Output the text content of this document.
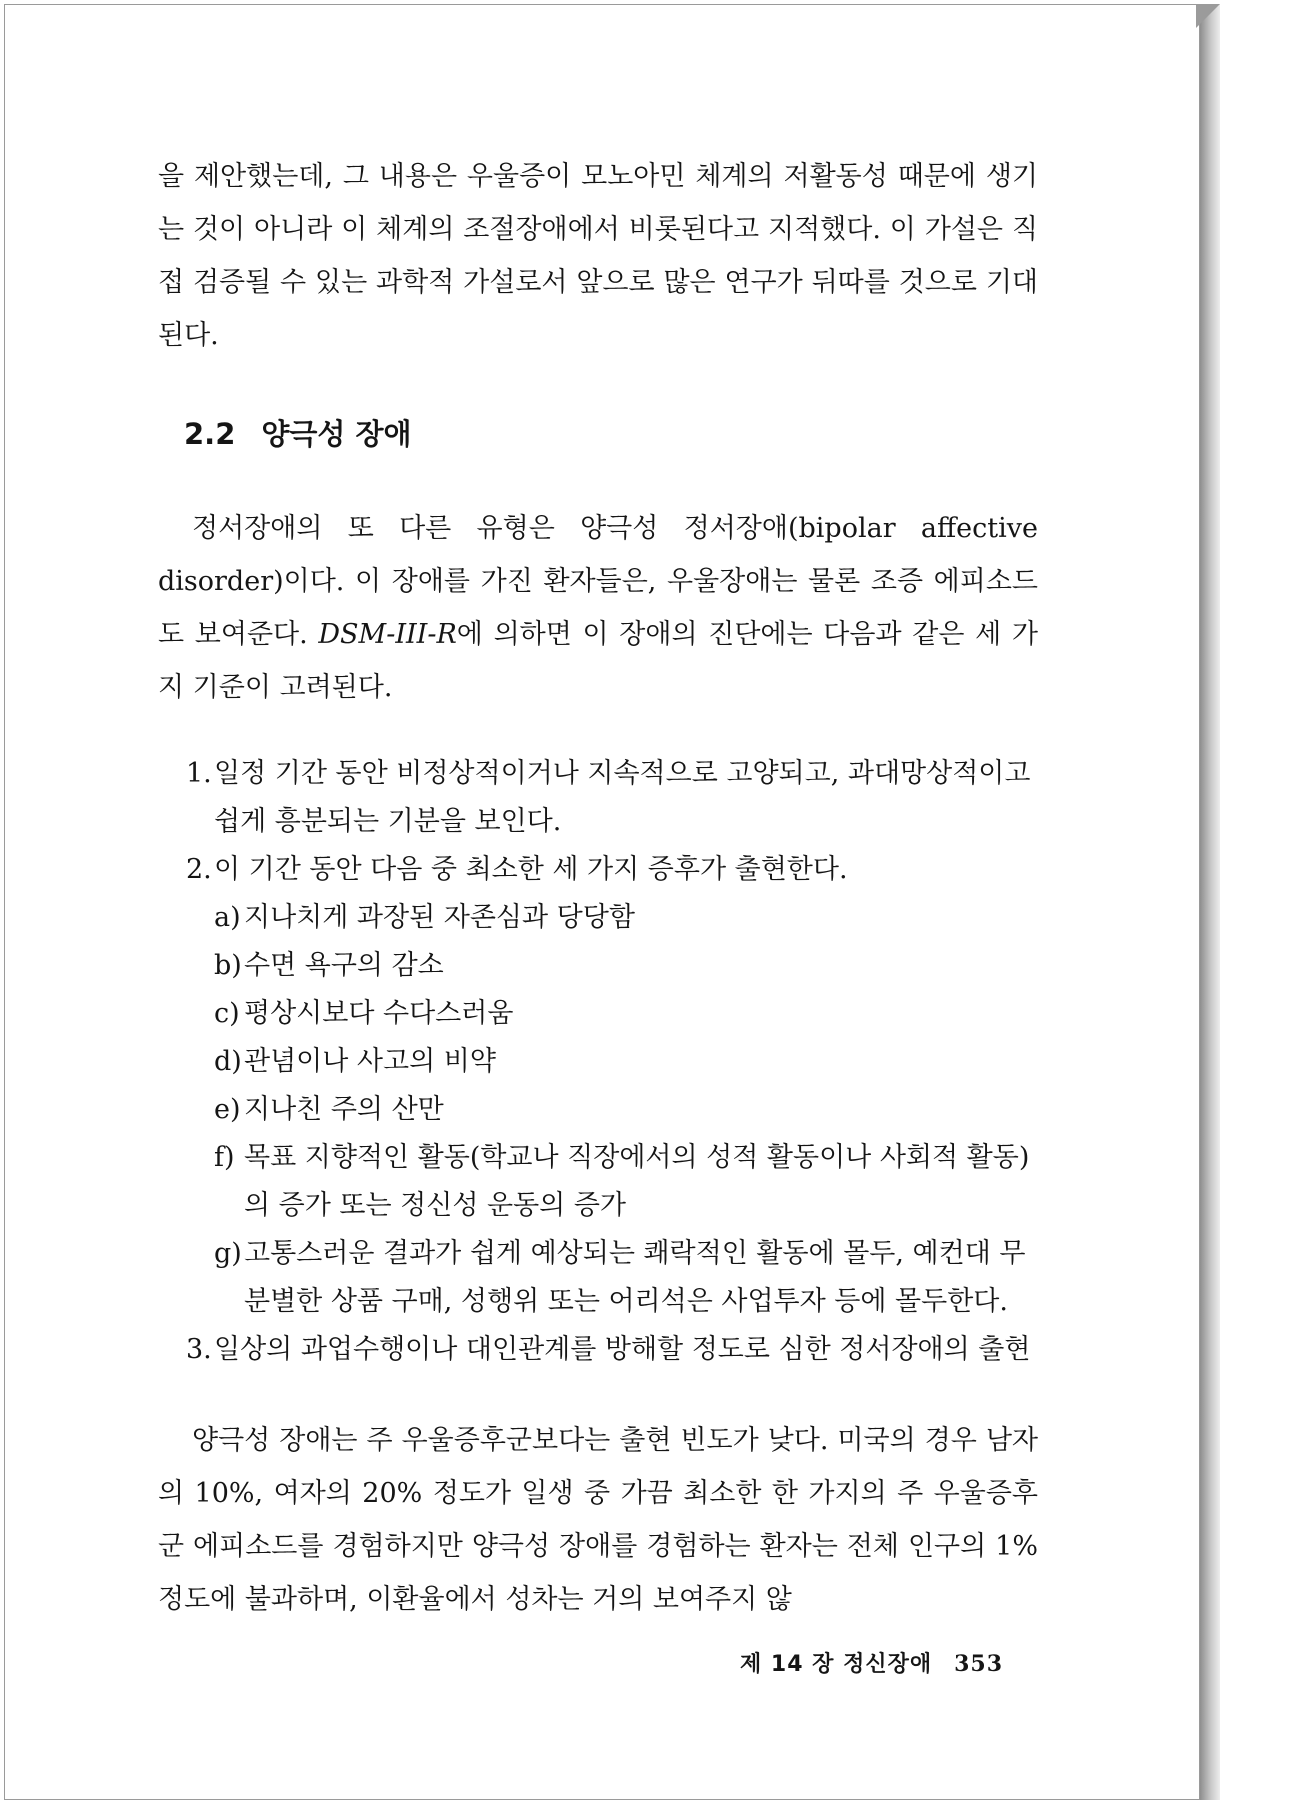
을 제안했는데, 그 내용은 우울증이 모노아민 체계의 저활동성 때문에 생기는 것이 아니라 이 체계의 조절장애에서 비롯된다고 지적했다. 이 가설은 직접 검증될 수 있는 과학적 가설로서 앞으로 많은 연구가 뒤따를 것으로 기대된다.

2.2 양극성 장애

정서장애의 또 다른 유형은 양극성 정서장애(bipolar affective disorder)이다. 이 장애를 가진 환자들은, 우울장애는 물론 조증 에피소드도 보여준다. DSM-III-R에 의하면 이 장애의 진단에는 다음과 같은 세 가지 기준이 고려된다.

1.일정 기간 동안 비정상적이거나 지속적으로 고양되고, 과대망상적이고 쉽게 흥분되는 기분을 보인다.
2.이 기간 동안 다음 중 최소한 세 가지 증후가 출현한다.
a) 지나치게 과장된 자존심과 당당함
b)수면 욕구의 감소
c) 평상시보다 수다스러움
d)관념이나 사고의 비약
e) 지나친 주의 산만
f) 목표 지향적인 활동(학교나 직장에서의 성적 활동이나 사회적 활동)의 증가 또는 정신성 운동의 증가
g)고통스러운 결과가 쉽게 예상되는 쾌락적인 활동에 몰두, 예컨대 무분별한 상품 구매, 성행위 또는 어리석은 사업투자 등에 몰두한다.
3.일상의 과업수행이나 대인관계를 방해할 정도로 심한 정서장애의 출현

양극성 장애는 주 우울증후군보다는 출현 빈도가 낮다. 미국의 경우 남자의 10%, 여자의 20% 정도가 일생 중 가끔 최소한 한 가지의 주 우울증후군 에피소드를 경험하지만 양극성 장애를 경험하는 환자는 전체 인구의 1% 정도에 불과하며, 이환율에서 성차는 거의 보여주지 않

제 14 장 정신장애 353
